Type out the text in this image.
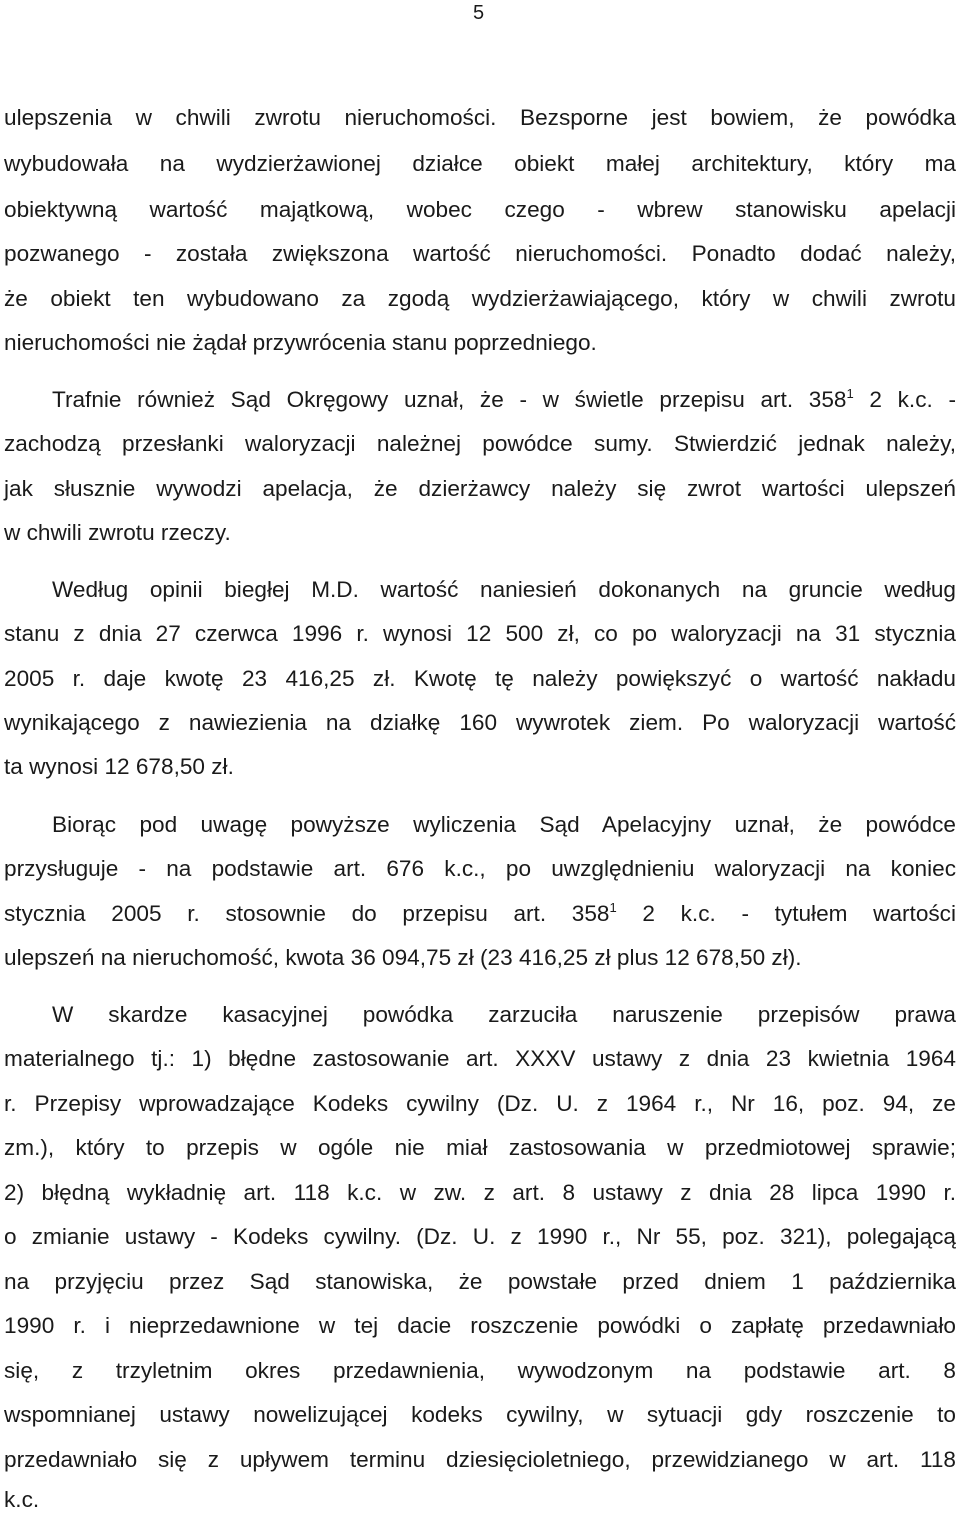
5
ulepszenia w chwili zwrotu nieruchomości. Bezsporne jest bowiem, że powódka
wybudowała na wydzierżawionej działce obiekt małej architektury, który ma
obiektywną wartość majątkową, wobec czego - wbrew stanowisku apelacji
pozwanego - została zwiększona wartość nieruchomości. Ponadto dodać należy,
że obiekt ten wybudowano za zgodą wydzierżawiającego, który w chwili zwrotu
nieruchomości nie żądał przywrócenia stanu poprzedniego.
Trafnie również Sąd Okręgowy uznał, że - w świetle przepisu art. $358^1$ 2 k.c. -
zachodzą przesłanki waloryzacji należnej powódce sumy. Stwierdzić jednak należy,
jak słusznie wywodzi apelacja, że dzierżawcy należy się zwrot wartości ulepszeń
w chwili zwrotu rzeczy.
Według opinii biegłej M.D. wartość naniesień dokonanych na gruncie według
stanu z dnia 27 czerwca 1996 r. wynosi 12 500 zł, co po waloryzacji na 31 stycznia
2005 r. daje kwotę 23 416,25 zł. Kwotę tę należy powiększyć o wartość nakładu
wynikającego z nawiezienia na działkę 160 wywrotek ziem. Po waloryzacji wartość
ta wynosi 12 678,50 zł.
Biorąc pod uwagę powyższe wyliczenia Sąd Apelacyjny uznał, że powódce
przysługuje - na podstawie art. 676 k.c., po uwzględnieniu waloryzacji na koniec
stycznia 2005 r. stosownie do przepisu art. $358^1$ 2 k.c. - tytułem wartości
ulepszeń na nieruchomość, kwota 36 094,75 zł (23 416,25 zł plus 12 678,50 zł).
W skardze kasacyjnej powódka zarzuciła naruszenie przepisów prawa
materialnego tj.: 1) błędne zastosowanie art. XXXV ustawy z dnia 23 kwietnia 1964
r. Przepisy wprowadzające Kodeks cywilny (Dz. U. z 1964 r., Nr 16, poz. 94, ze
zm.), który to przepis w ogóle nie miał zastosowania w przedmiotowej sprawie;
2) błędną wykładnię art. 118 k.c. w zw. z art. 8 ustawy z dnia 28 lipca 1990 r.
o zmianie ustawy - Kodeks cywilny. (Dz. U. z 1990 r., Nr 55, poz. 321), polegającą
na przyjęciu przez Sąd stanowiska, że powstałe przed dniem 1 października
1990 r. i nieprzedawnione w tej dacie roszczenie powódki o zapłatę przedawniało
się, z trzyletnim okres przedawnienia, wywodzonym na podstawie art. 8
wspomnianej ustawy nowelizującej kodeks cywilny, w sytuacji gdy roszczenie to
przedawniało się z upływem terminu dziesięcioletniego, przewidzianego w art. 118
k.c.
